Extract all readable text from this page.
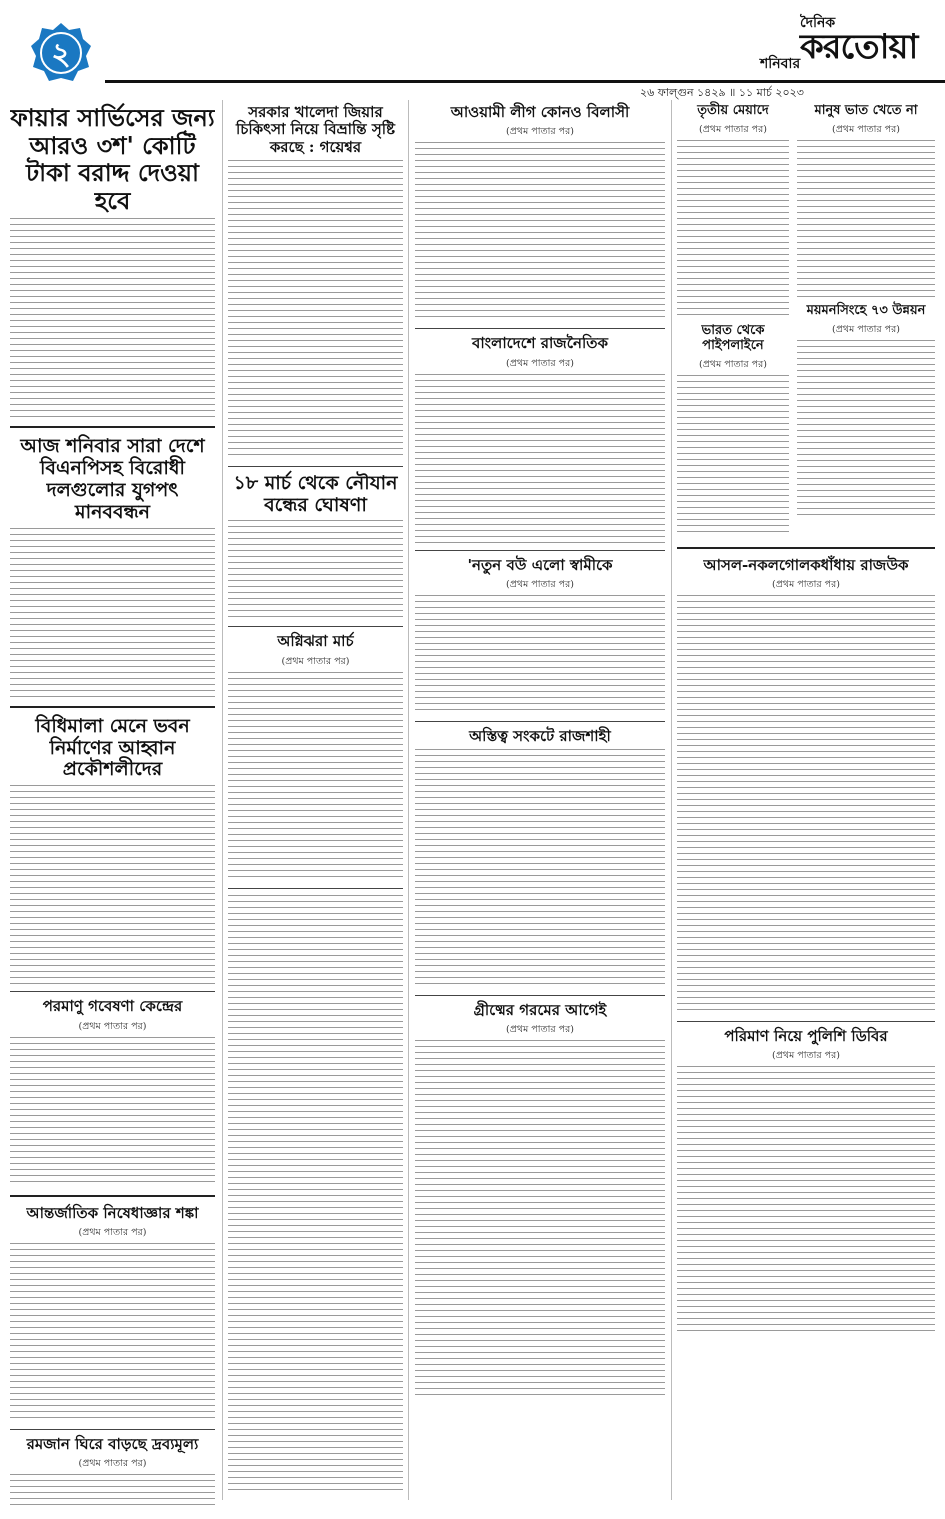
২	শনিবার
দৈনিক
করতোয়া
২৬ ফাল্গুন ১৪২৯ ॥ ১১ মার্চ ২০২৩
ফায়ার সার্ভিসের জন্য আরও ৩শ' কোটি টাকা বরাদ্দ দেওয়া হবে
আজ শনিবার সারা দেশে বিএনপিসহ বিরোধী দলগুলোর যুগপৎ মানববন্ধন
বিধিমালা মেনে ভবন নির্মাণের আহ্বান প্রকৌশলীদের
পরমাণু গবেষণা কেন্দ্রের
(প্রথম পাতার পর)
আন্তর্জাতিক নিষেধাজ্ঞার শঙ্কা
(প্রথম পাতার পর)
রমজান ঘিরে বাড়ছে দ্রব্যমূল্য
(প্রথম পাতার পর)
সরকার খালেদা জিয়ার চিকিৎসা নিয়ে বিভ্রান্তি সৃষ্টি করছে : গয়েশ্বর
১৮ মার্চ থেকে নৌযান বন্ধের ঘোষণা
অগ্নিঝরা মার্চ
(প্রথম পাতার পর)
আওয়ামী লীগ কোনও বিলাসী
(প্রথম পাতার পর)
বাংলাদেশে রাজনৈতিক
(প্রথম পাতার পর)
'নতুন বউ এলো স্বামীকে
(প্রথম পাতার পর)
অস্তিত্ব সংকটে রাজশাহী
গ্রীষ্মের গরমের আগেই
(প্রথম পাতার পর)
তৃতীয় মেয়াদে
(প্রথম পাতার পর)
ভারত থেকে পাইপলাইনে
(প্রথম পাতার পর)
মানুষ ভাত খেতে না
(প্রথম পাতার পর)
ময়মনসিংহে ৭৩ উন্নয়ন
(প্রথম পাতার পর)
আসল-নকলগোলকধাঁধায় রাজউক
(প্রথম পাতার পর)
পরিমাণ নিয়ে পুলিশি ডিবির
(প্রথম পাতার পর)
